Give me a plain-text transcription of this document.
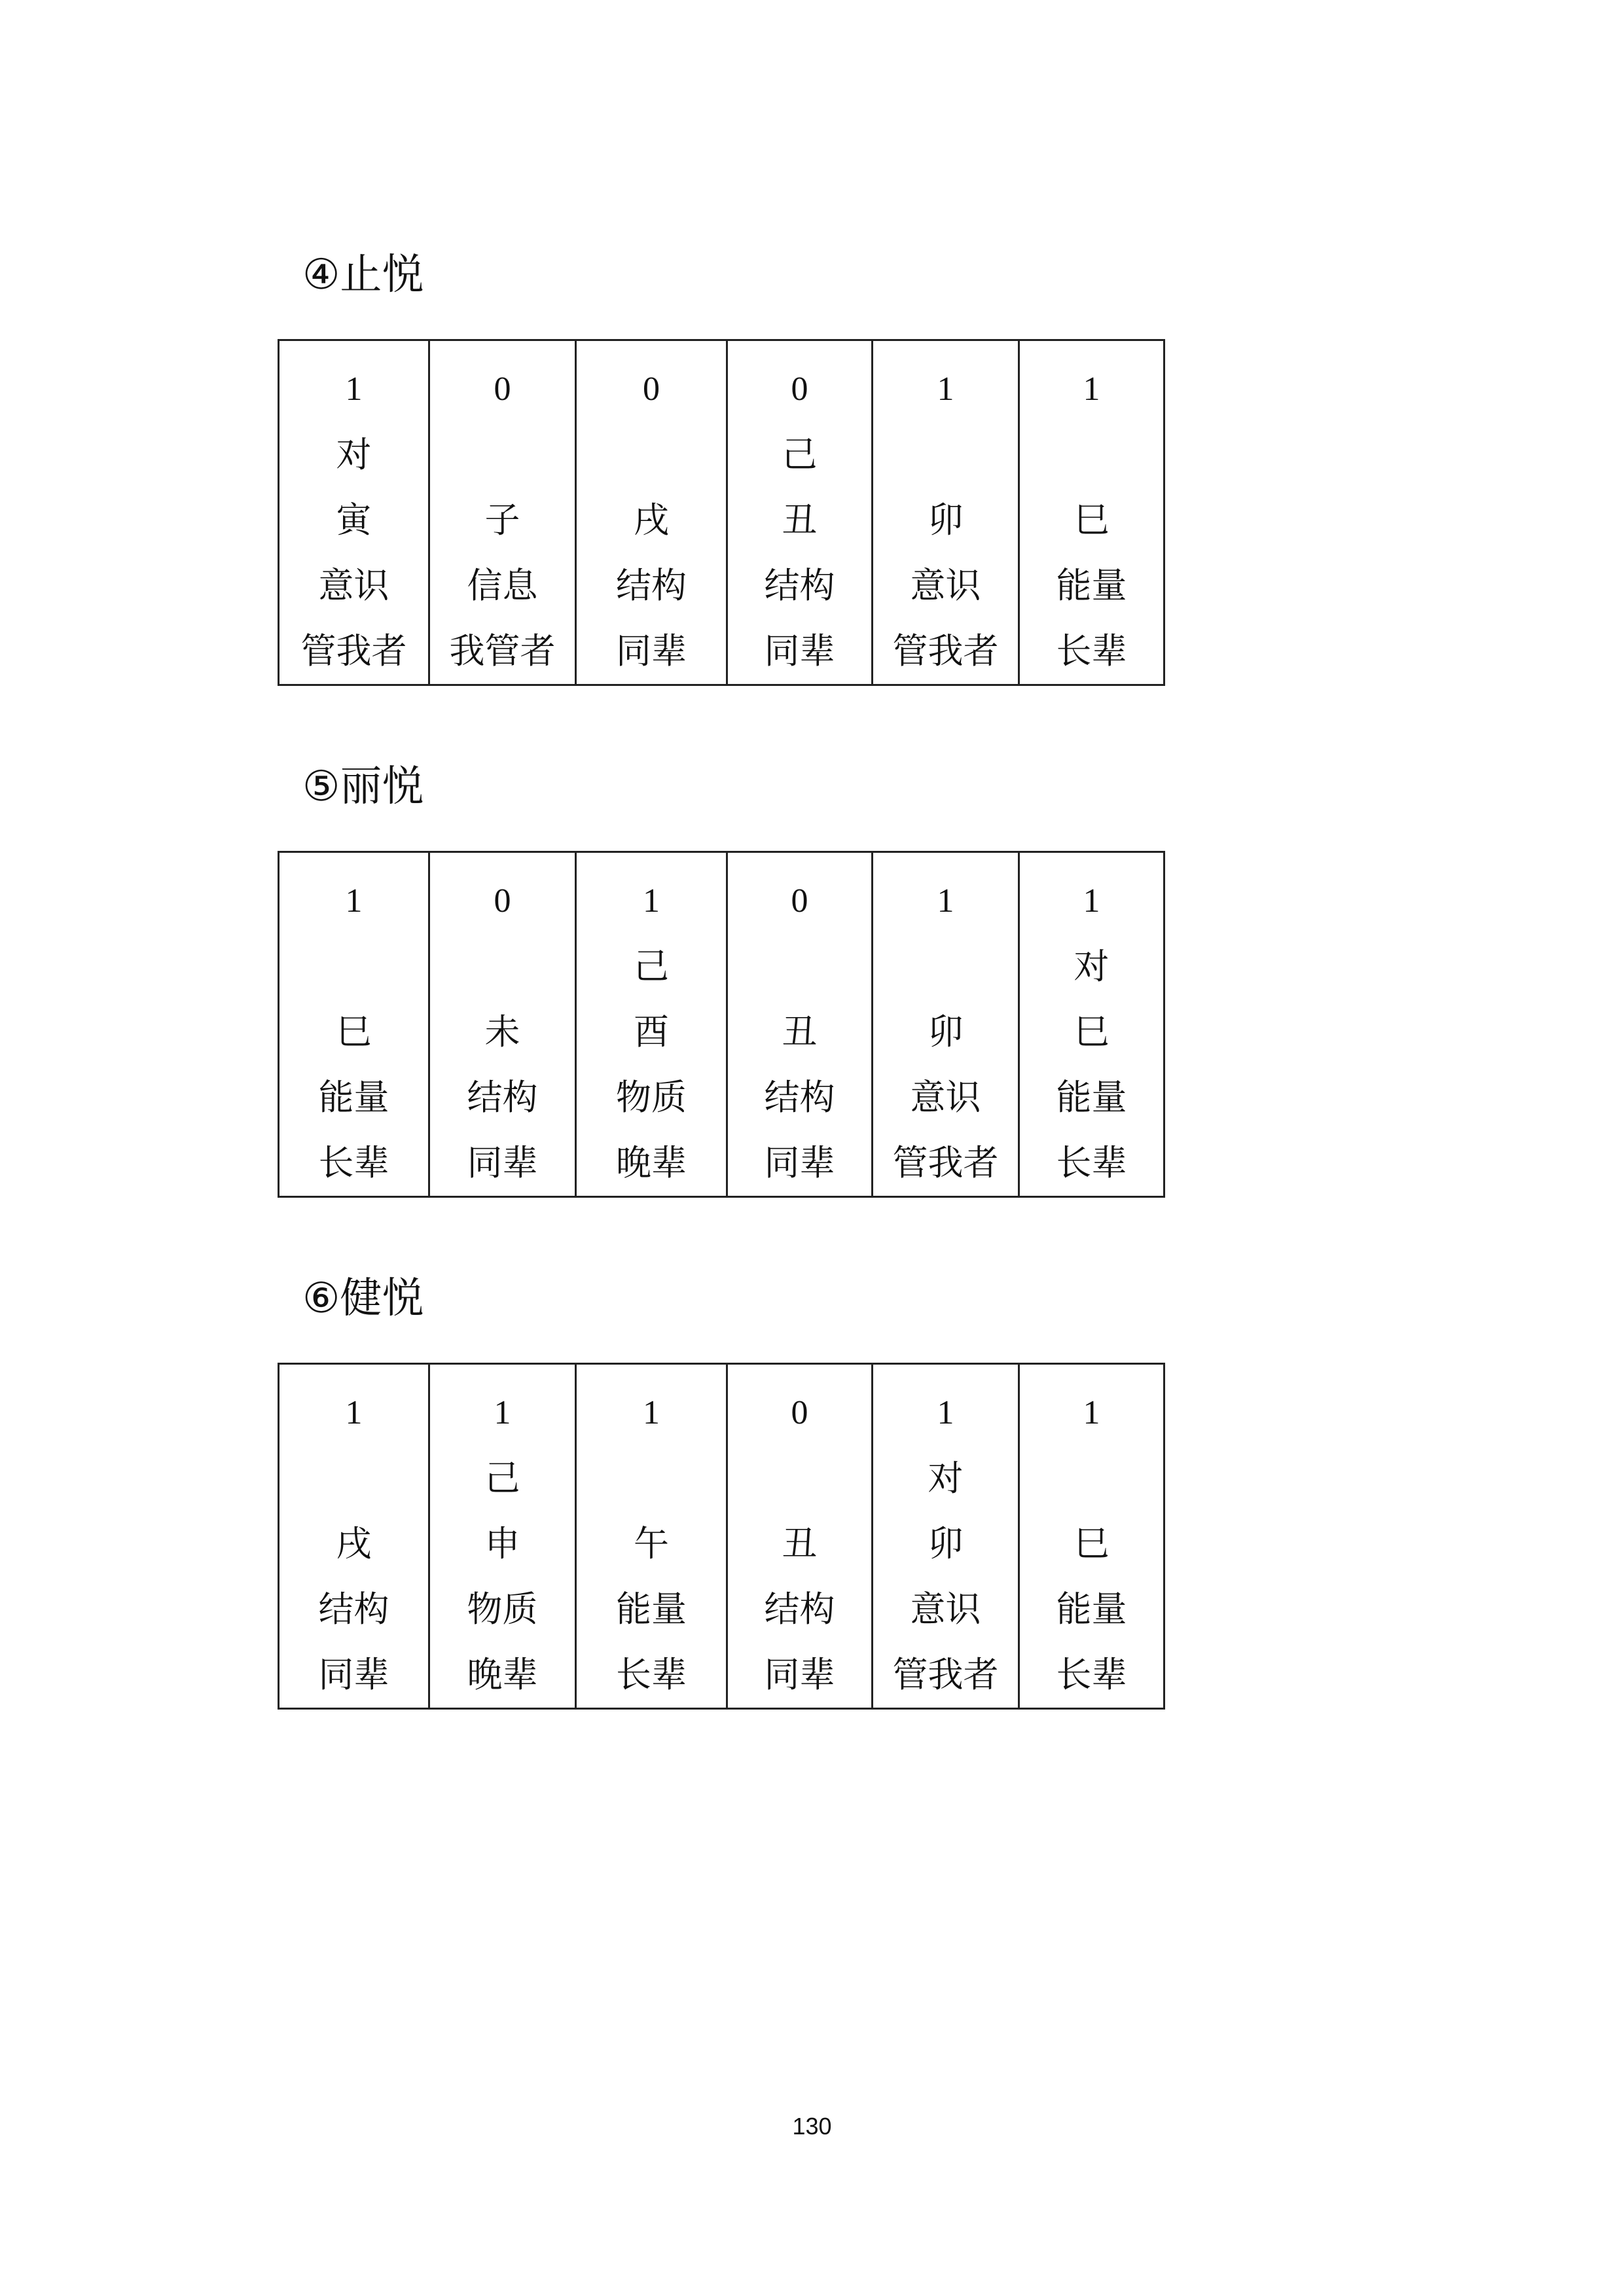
④止悦
1
对
寅
意识
管我者

0
子
信息
我管者

0
戌
结构
同辈

0
己
丑
结构
同辈

1
卯
意识
管我者

1
巳
能量
长辈
⑤丽悦
1
巳
能量
长辈

0
未
结构
同辈

1
己
酉
物质
晚辈

0
丑
结构
同辈

1
卯
意识
管我者

1
对
巳
能量
长辈
⑥健悦
1
戌
结构
同辈

1
己
申
物质
晚辈

1
午
能量
长辈

0
丑
结构
同辈

1
对
卯
意识
管我者

1
巳
能量
长辈
130
